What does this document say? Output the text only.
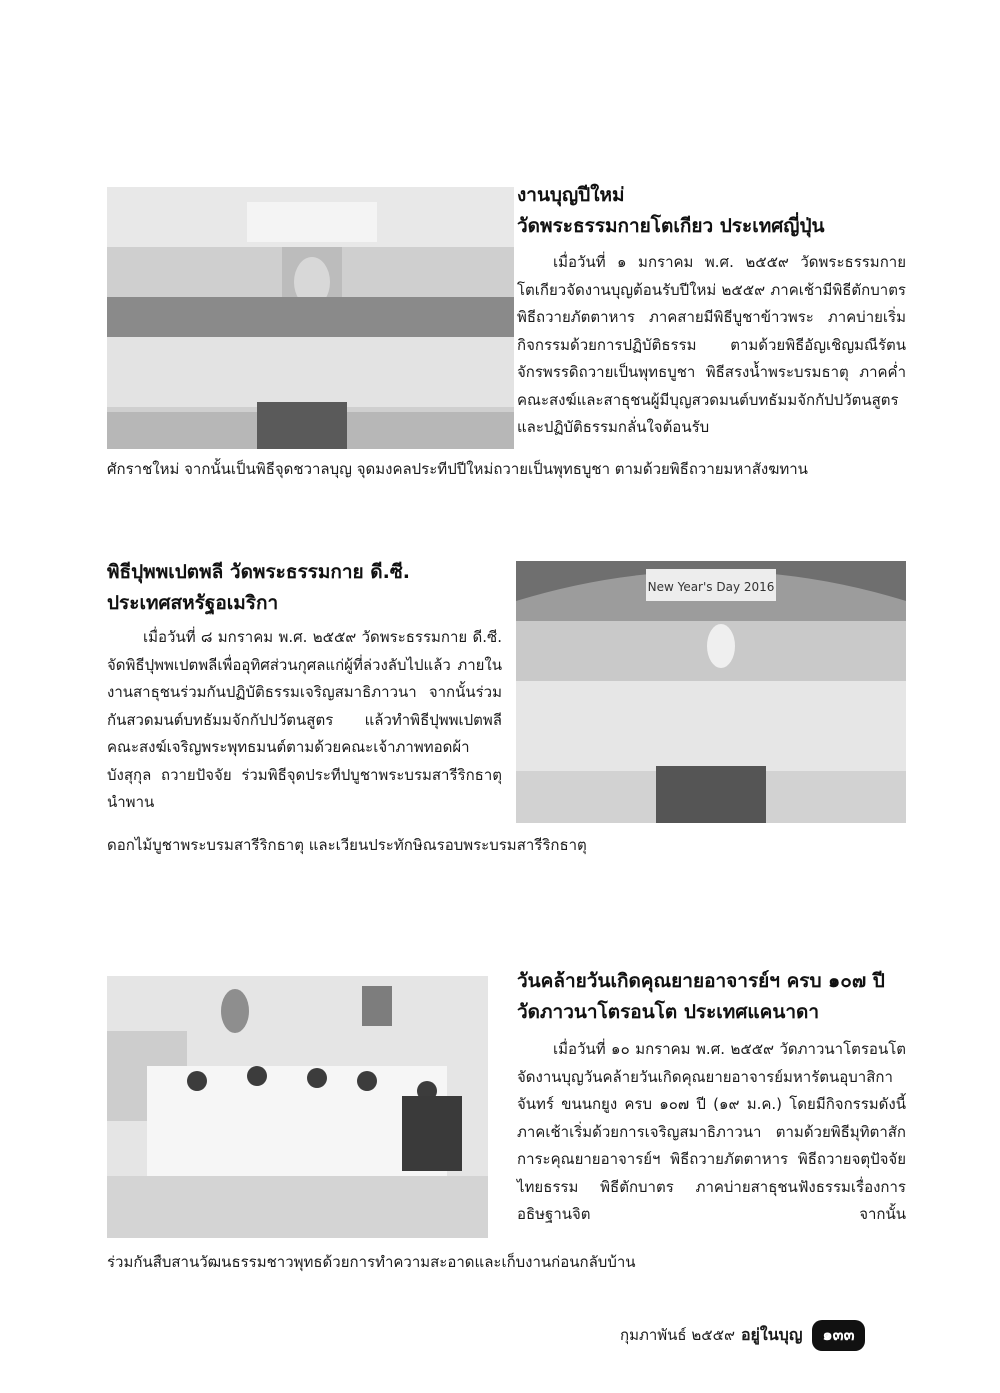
งานบุญปีใหม่
วัดพระธรรมกายโตเกียว ประเทศญี่ปุ่น

เมื่อวันที่ ๑ มกราคม พ.ศ. ๒๕๕๙ วัดพระธรรมกายโตเกียวจัดงานบุญต้อนรับปีใหม่ ๒๕๕๙ ภาคเช้ามีพิธีตักบาตร พิธีถวายภัตตาหาร ภาคสายมีพิธีบูชาข้าวพระ ภาคบ่ายเริ่มกิจกรรมด้วยการปฏิบัติธรรม ตามด้วยพิธีอัญเชิญมณีรัตนจักรพรรดิถวายเป็นพุทธบูชา พิธีสรงน้ำพระบรมธาตุ ภาคค่ำคณะสงฆ์และสาธุชนผู้มีบุญสวดมนต์บทธัมมจักกัปปวัตนสูตรและปฏิบัติธรรมกลั่นใจต้อนรับ

ศักราชใหม่ จากนั้นเป็นพิธีจุดชวาลบุญ จุดมงคลประทีปปีใหม่ถวายเป็นพุทธบูชา ตามด้วยพิธีถวายมหาสังฆทาน

พิธีปุพพเปตพลี วัดพระธรรมกาย ดี.ซี.
ประเทศสหรัฐอเมริกา

เมื่อวันที่ ๘ มกราคม พ.ศ. ๒๕๕๙ วัดพระธรรมกาย ดี.ซี. จัดพิธีปุพพเปตพลีเพื่ออุทิศส่วนกุศลแก่ผู้ที่ล่วงลับไปแล้ว ภายในงานสาธุชนร่วมกันปฏิบัติธรรมเจริญสมาธิภาวนา จากนั้นร่วมกันสวดมนต์บทธัมมจักกัปปวัตนสูตร แล้วทำพิธีปุพพเปตพลี คณะสงฆ์เจริญพระพุทธมนต์ตามด้วยคณะเจ้าภาพทอดผ้าบังสุกุล ถวายปัจจัย ร่วมพิธีจุดประทีปบูชาพระบรมสารีริกธาตุ นำพาน

New Year's Day 2016

ดอกไม้บูชาพระบรมสารีริกธาตุ และเวียนประทักษิณรอบพระบรมสารีริกธาตุ

วันคล้ายวันเกิดคุณยายอาจารย์ฯ ครบ ๑๐๗ ปี
วัดภาวนาโตรอนโต ประเทศแคนาดา

เมื่อวันที่ ๑๐ มกราคม พ.ศ. ๒๕๕๙ วัดภาวนาโตรอนโตจัดงานบุญวันคล้ายวันเกิดคุณยายอาจารย์มหารัตนอุบาสิกาจันทร์ ขนนกยูง ครบ ๑๐๗ ปี (๑๙ ม.ค.) โดยมีกิจกรรมดังนี้ ภาคเช้าเริ่มด้วยการเจริญสมาธิภาวนา ตามด้วยพิธีมุทิตาสักการะคุณยายอาจารย์ฯ พิธีถวายภัตตาหาร พิธีถวายจตุปัจจัยไทยธรรม พิธีตักบาตร ภาคบ่ายสาธุชนฟังธรรมเรื่องการอธิษฐานจิต จากนั้น

ร่วมกันสืบสานวัฒนธรรมชาวพุทธด้วยการทำความสะอาดและเก็บงานก่อนกลับบ้าน

กุมภาพันธ์ ๒๕๕๙ อยู่ในบุญ	๑๓๓
